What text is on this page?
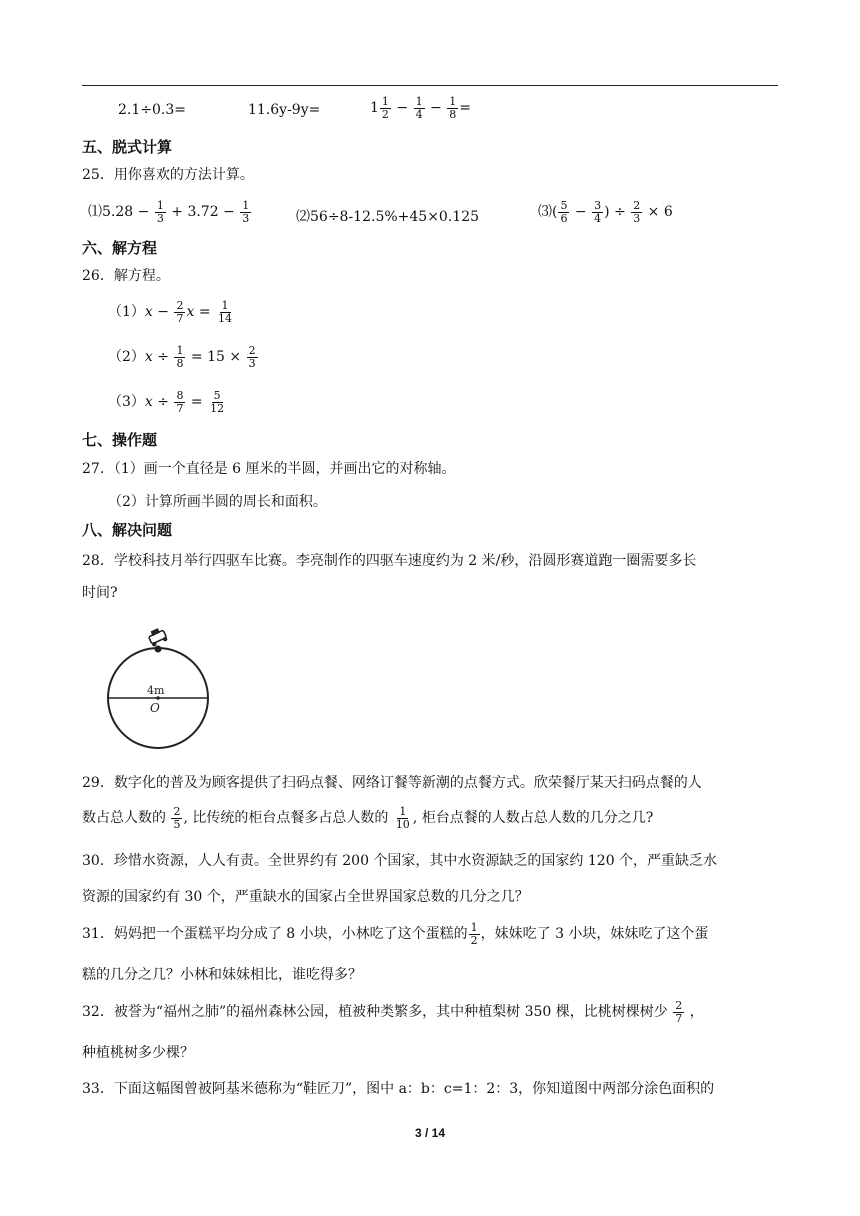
2.1÷0.3=	11.6y-9y=	$1 \frac{1}{2} - \frac{1}{4} - \frac{1}{8}$ =
五、脱式计算
25．用你喜欢的方法计算。
⑴5.28 − $\frac{1}{3} + 3.72 - \frac{1}{3}$	⑵56÷8-12.5%+45×0.125	⑶( $\frac{5}{6} - \frac{3}{4}$ ) ÷ $\frac{2}{3} \times 6$
六、解方程
26．解方程。
$(1)x - \frac{2}{7}$ $x = \frac{1}{14}$
$(2)x \div \frac{1}{8} = 15 \times \frac{2}{3}$
$(3)x \div \frac{8}{7} = \frac{5}{12}$
七、操作题
27．（1）画一个直径是 6 厘米的半圆，并画出它的对称轴。
（2）计算所画半圆的周长和面积。
八、解决问题
28．学校科技月举行四驱车比赛。李亮制作的四驱车速度约为 2 米/秒，沿圆形赛道跑一圈需要多长
时间?
4m
O
29．数字化的普及为顾客提供了扫码点餐、网络订餐等新潮的点餐方式。欣荣餐厅某天扫码点餐的人
数占总人数的 $\frac{2}{5}$ , 比传统的柜台点餐多占总人数的 $\frac{1}{10}$ , 柜台点餐的人数占总人数的几分之几?
30．珍惜水资源，人人有责。全世界约有 200 个国家，其中水资源缺乏的国家约 120 个，严重缺乏水
资源的国家约有 30 个，严重缺水的国家占全世界国家总数的几分之几？
31．妈妈把一个蛋糕平均分成了 8 小块，小林吃了这个蛋糕的 $\frac{1}{2}$ ，妹妹吃了 3 小块，妹妹吃了这个蛋
糕的几分之几？小林和妹妹相比，谁吃得多？
32．被誉为“福州之肺”的福州森林公园，植被种类繁多，其中种植梨树 350 棵，比桃树棵树少 $\frac{2}{7}$ ，
种植桃树多少棵？
33．下面这幅图曾被阿基米德称为“鞋匠刀”，图中 a：b：c=1：2：3，你知道图中两部分涂色面积的
3 / 14
